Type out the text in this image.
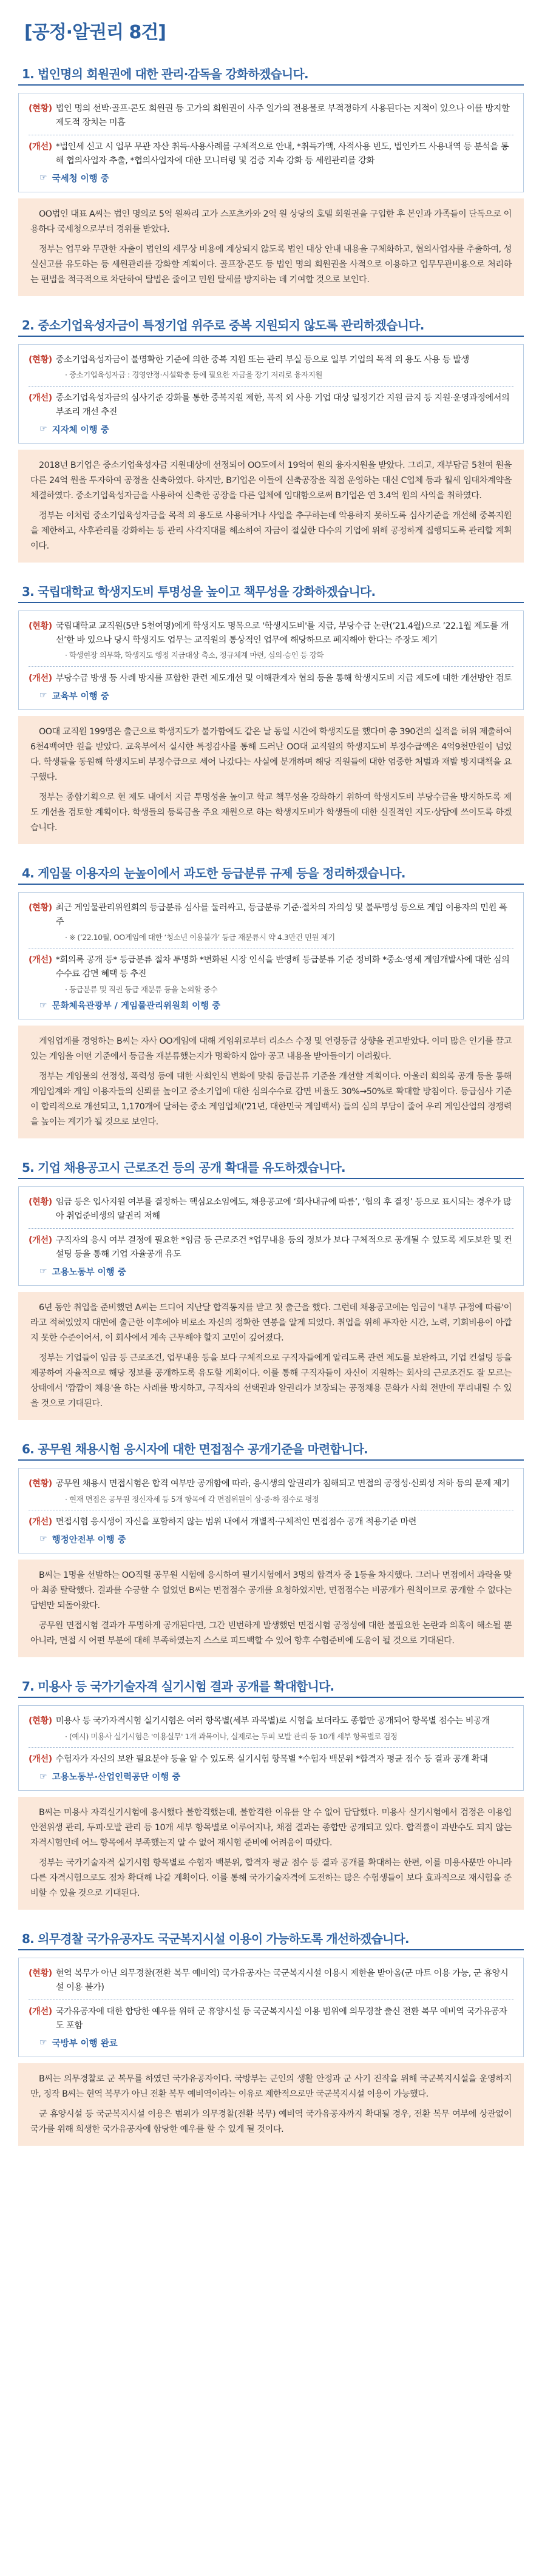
[공정·알권리 8건]
1. 법인명의 회원권에 대한 관리·감독을 강화하겠습니다.
(현황) 법인 명의 선박·골프·콘도 회원권 등 고가의 회원권이 사주 일가의 전용물로 부적정하게 사용된다는 지적이 있으나 이를 방지할 제도적 장치는 미흡
(개선) *법인세 신고 시 업무 무관 자산 취득·사용사례를 구체적으로 안내, *취득가액, 사적사용 빈도, 법인카드 사용내역 등 분석을 통해 협의사업자 추출, *협의사업자에 대한 모니터링 및 검증 지속 강화 등 세원관리를 강화
☞ 국세청 이행 중

OO법인 대표 A씨는 법인 명의로 5억 원짜리 고가 스포츠카와 2억 원 상당의 호텔 회원권을 구입한 후 본인과 가족들이 단독으로 이용하다 국세청으로부터 경위를 받았다.

정부는 업무와 무관한 자출이 법인의 세무상 비용에 계상되지 않도록 법인 대상 안내 내용을 구체화하고, 협의사업자를 추출하여, 성실신고를 유도하는 등 세원관리를 강화할 계획이다. 골프장·콘도 등 법인 명의 회원권을 사적으로 이용하고 업무무관비용으로 처리하는 편법을 적극적으로 차단하여 탈법은 줄이고 민원 탈세를 방지하는 데 기여할 것으로 보인다.

2. 중소기업육성자금이 특정기업 위주로 중복 지원되지 않도록 관리하겠습니다.
(현황) 중소기업육성자금이 불명확한 기준에 의한 중복 지원 또는 관리 부실 등으로 일부 기업의 목적 외 용도 사용 등 발생
· 중소기업육성자금 : 경영안정·시설확충 등에 필요한 자금을 장기 저리로 융자지원
(개선) 중소기업육성자금의 심사기준 강화를 통한 중복지원 제한, 목적 외 사용 기업 대상 일정기간 지원 금지 등 지원·운영과정에서의 부조리 개선 추진
☞ 지자체 이행 중

2018년 B기업은 중소기업육성자금 지원대상에 선정되어 OO도에서 19억여 원의 융자지원을 받았다. 그리고, 재부담금 5천여 원을 다른 24억 원을 투자하여 공정을 신축하였다. 하지만, B기업은 이들에 신축공장을 직접 운영하는 대신 C업체 등과 월세 임대차계약을 체결하였다. 중소기업육성자금을 사용하여 신축한 공장을 다른 업체에 임대함으로써 B기업은 연 3.4억 원의 사익을 취하였다.

정부는 이처럼 중소기업육성자금을 목적 외 용도로 사용하거나 사업을 추구하는데 악용하지 못하도록 심사기준을 개선해 중복지원을 제한하고, 사후관리를 강화하는 등 관리 사각지대를 해소하여 자금이 절실한 다수의 기업에 위해 공정하게 집행되도록 관리할 계획이다.

3. 국립대학교 학생지도비 투명성을 높이고 책무성을 강화하겠습니다.
(현황) 국립대학교 교직원(5만 5천여명)에게 학생지도 명목으로 '학생지도비'를 지급, 부당수급 논란(’21.4월)으로 ’22.1월 제도를 개선’한 바 있으나 당시 학생지도 업무는 교직원의 통상적인 업무에 해당하므로 폐지해야 한다는 주장도 제기
· 학생현장 의무화, 학생지도 행정 지급대상 축소, 정규체계 마련, 심의·승인 등 강화
(개선) 부당수급 방생 등 사례 방지를 포함한 관련 제도개선 및 이해관계자 협의 등을 통해 학생지도비 지급 제도에 대한 개선방안 검토
☞ 교육부 이행 중

OO대 교직원 199명은 출근으로 학생지도가 불가함에도 같은 날 동일 시간에 학생지도를 했다며 총 390건의 실적을 허위 제출하여 6천4백여만 원을 받았다. 교육부에서 실시한 특정감사를 통해 드러난 OO대 교직원의 학생지도비 부정수급액은 4억9천만원이 넘었다. 학생들을 동원해 학생지도비 부정수급으로 세어 나갔다는 사실에 분개하며 해당 직원들에 대한 엄중한 처벌과 재발 방지대책을 요구했다.

정부는 종합기획으로 현 제도 내에서 지급 투명성을 높이고 학교 책무성을 강화하기 위하여 학생지도비 부당수급을 방지하도록 제도 개선을 검토할 계획이다. 학생들의 등록금을 주요 재원으로 하는 학생지도비가 학생들에 대한 실질적인 지도·상담에 쓰이도록 하겠습니다.

4. 게임물 이용자의 눈높이에서 과도한 등급분류 규제 등을 정리하겠습니다.
(현황) 최근 게임물관리위원회의 등급분류 심사를 둘러싸고, 등급분류 기준·절차의 자의성 및 불투명성 등으로 게임 이용자의 민원 폭주
· ※ (’22.10월, OO게임에 대한 ‘청소년 이용불가’ 등급 재분류시 약 4.3만건 민원 제기
(개선) *회의록 공개 등* 등급분류 절차 투명화 *변화된 시장 인식을 반영해 등급분류 기준 정비화 *중소·영세 게임개발사에 대한 심의수수료 감면 혜택 등 추진
· 등급분류 및 직권 등급 재분류 등을 논의할 중수
☞ 문화체육관광부 / 게임물관리위원회 이행 중

게임업계를 경영하는 B씨는 자사 OO게임에 대해 게임위로부터 리소스 수정 및 연령등급 상향을 권고받았다. 이미 많은 인기를 끌고 있는 게임을 어떤 기준에서 등급을 재분류했는지가 명확하지 않아 공고 내용을 받아들이기 어려웠다.

정부는 게임물의 선정성, 폭력성 등에 대한 사회인식 변화에 맞춰 등급분류 기준을 개선할 계획이다. 아울러 회의록 공개 등을 통해 게임업계와 게임 이용자들의 신뢰를 높이고 중소기업에 대한 심의수수료 감면 비율도 30%→50%로 확대할 방침이다. 등급심사 기준이 합리적으로 개선되고, 1,170개에 달하는 중소 게임업체('21년, 대한민국 게임백서) 들의 심의 부담이 줄어 우리 게임산업의 경쟁력을 높이는 계기가 될 것으로 보인다.

5. 기업 채용공고시 근로조건 등의 공개 확대를 유도하겠습니다.
(현황) 임금 등은 입사지원 여부를 결정하는 핵심요소임에도, 채용공고에 ‘회사내규에 따름’, ‘협의 후 결정’ 등으로 표시되는 경우가 많아 취업준비생의 알권리 저해
(개선) 구직자의 응시 여부 결정에 필요한 *임금 등 근로조건 *업무내용 등의 정보가 보다 구체적으로 공개될 수 있도록 제도보완 및 컨설팅 등을 통해 기업 자율공개 유도
☞ 고용노동부 이행 중

6년 동안 취업을 준비했던 A씨는 드디어 지난달 합격통지를 받고 첫 출근을 했다. 그런데 채용공고에는 임금이 '내부 규정에 따름'이라고 적혀있었지 대면에 출근한 이후에야 비로소 자신의 정확한 연봉을 알게 되었다. 취업을 위해 투자한 시간, 노력, 기회비용이 아깝지 못한 수준이어서, 이 회사에서 계속 근무해야 할지 고민이 깊어졌다.

정부는 기업들이 임금 등 근로조건, 업무내용 등을 보다 구체적으로 구직자들에게 알리도록 관련 제도를 보완하고, 기업 컨설팅 등을 제공하여 자율적으로 해당 정보를 공개하도록 유도할 계획이다. 이를 통해 구직자들이 자신이 지원하는 회사의 근로조건도 잘 모르는 상태에서 '깜깜이 채용'을 하는 사례를 방지하고, 구직자의 선택권과 알권리가 보장되는 공정채용 문화가 사회 전반에 뿌리내릴 수 있을 것으로 기대된다.

6. 공무원 채용시험 응시자에 대한 면접점수 공개기준을 마련합니다.
(현황) 공무원 채용시 면접시험은 합격 여부만 공개함에 따라, 응시생의 알권리가 침해되고 면접의 공정성·신뢰성 저하 등의 문제 제기
· 현재 면접은 공무원 정신자세 등 5개 항목에 각 면접위원이 상·중·하 점수로 평정
(개선) 면접시험 응시생이 자신을 포함하지 않는 범위 내에서 개별적·구체적인 면접점수 공개 적용기준 마련
☞ 행정안전부 이행 중

B씨는 1명을 선발하는 OO직렬 공무원 시험에 응시하여 필기시험에서 3명의 합격자 중 1등을 차지했다. 그러나 면접에서 과락을 맞아 최종 탈락했다. 결과를 수긍할 수 없었던 B씨는 면접점수 공개를 요청하였지만, 면접점수는 비공개가 원칙이므로 공개할 수 없다는 답변만 되돌아왔다.

공무원 면접시험 결과가 투명하게 공개된다면, 그간 빈번하게 발생했던 면접시험 공정성에 대한 불필요한 논란과 의혹이 해소될 뿐 아니라, 면접 시 어떤 부분에 대해 부족하였는지 스스로 피드백할 수 있어 향후 수험준비에 도움이 될 것으로 기대된다.

7. 미용사 등 국가기술자격 실기시험 결과 공개를 확대합니다.
(현황) 미용사 등 국가자격시험 실기시험은 여러 항목별(세부 과목별)로 시험을 보더라도 종합만 공개되어 항목별 점수는 비공개
· (예시) 미용사 실기시험은 '이용실무' 1개 과목이나, 실제로는 두피 모발 관리 등 10개 세부 항목별로 검정
(개선) 수험자가 자신의 보완 필요분야 등을 알 수 있도록 실기시험 항목별 *수험자 백분위 *합격자 평균 점수 등 결과 공개 확대
☞ 고용노동부·산업인력공단 이행 중

B씨는 미용사 자격실기시험에 응시했다 불합격했는데, 불합격한 이유를 알 수 없어 답답했다. 미용사 실기시험에서 검정은 이용업 안전위생 관리, 두피·모발 관리 등 10개 세부 항목별로 이루어지나, 채점 결과는 종합만 공개되고 있다. 합격률이 과반수도 되지 않는 자격시험인데 어느 항목에서 부족했는지 알 수 없어 재시험 준비에 어려움이 따랐다.

정부는 국가기술자격 실기시험 항목별로 수험자 백분위, 합격자 평균 점수 등 결과 공개를 확대하는 한편, 이를 미용사뿐만 아니라 다른 자격시험으로도 점차 확대해 나갈 계획이다. 이를 통해 국가기술자격에 도전하는 많은 수험생들이 보다 효과적으로 재시험을 준비할 수 있을 것으로 기대된다.

8. 의무경찰 국가유공자도 국군복지시설 이용이 가능하도록 개선하겠습니다.
(현황) 현역 복무가 아닌 의무경찰(전환 복무 예비역) 국가유공자는 국군복지시설 이용시 제한을 받아옴(군 마트 이용 가능, 군 휴양시설 이용 불가)
(개선) 국가유공자에 대한 합당한 예우를 위해 군 휴양시설 등 국군복지시설 이용 범위에 의무경찰 출신 전환 복무 예비역 국가유공자도 포함
☞ 국방부 이행 완료

B씨는 의무경찰로 군 복무를 하였던 국가유공자이다. 국방부는 군인의 생활 안정과 군 사기 진작을 위해 국군복지시설을 운영하지만, 정작 B씨는 현역 복무가 아닌 전환 복무 예비역이라는 이유로 제한적으로만 국군복지시설 이용이 가능했다.

군 휴양시설 등 국군복지시설 이용은 범위가 의무경찰(전환 복무) 예비역 국가유공자까지 확대될 경우, 전환 복무 여부에 상관없이 국가를 위해 희생한 국가유공자에 합당한 예우를 할 수 있게 될 것이다.
